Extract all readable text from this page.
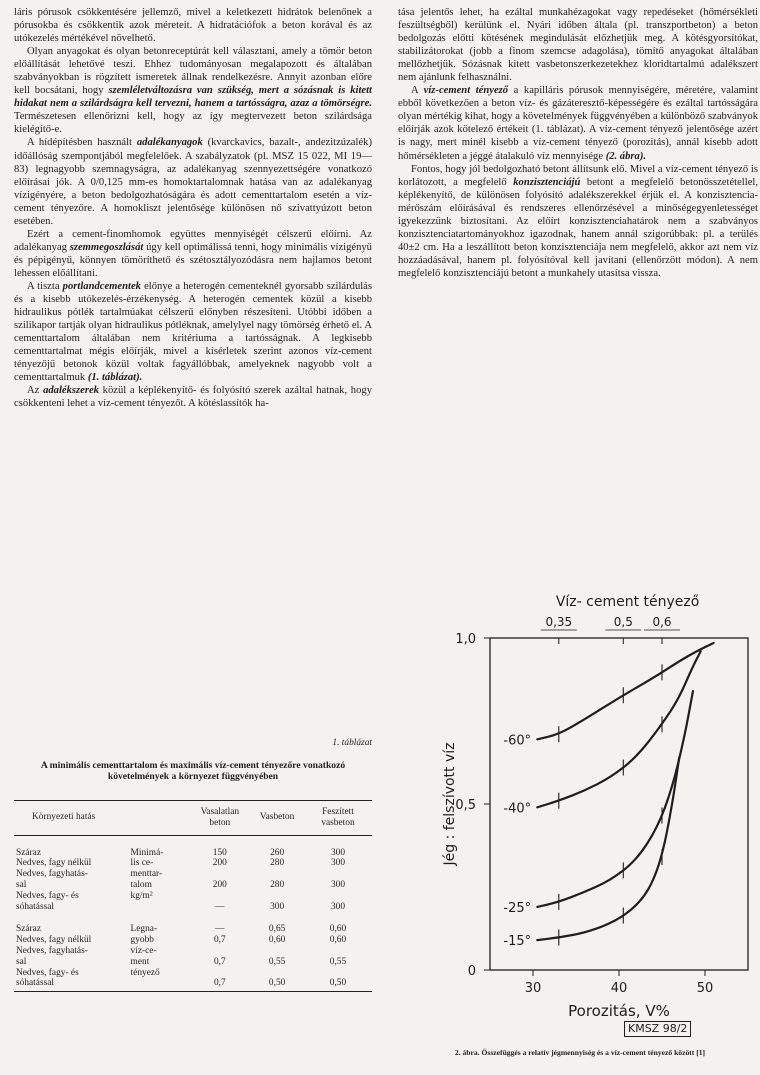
láris pórusok csökkentésére jellemző, mivel a keletkezett hidrátok belenőnek a pórusokba és csökkentik azok méreteit. A hidratációfok a beton korával és az utókezelés mértékével növelhető.

Olyan anyagokat és olyan betonreceptúrát kell választani, amely a tömör beton előállítását lehetővé teszi. Ehhez tudományosan megalapozott és általában szabványokban is rögzített ismeretek állnak rendelkezésre. Annyit azonban előre kell bocsátani, hogy szemléletváltozásra van szükség, mert a sózásnak is kitett hidakat nem a szilárdságra kell tervezni, hanem a tartósságra, azaz a tömörségre. Természetesen ellenőrizni kell, hogy az így megtervezett beton szilárdsága kielégítő-e.

A hídépítésben használt adalékanyagok (kvarckavics, bazalt-, andezitzúzalék) időállóság szempontjából megfelelőek. A szabályzatok (pl. MSZ 15 022, MI 19—83) legnagyobb szemnagyságra, az adalékanyag szennyezettségére vonatkozó előírásai jók. A 0/0,125 mm-es homoktartalomnak hatása van az adalékanyag vízigényére, a beton bedolgozhatóságára és adott cementtartalom esetén a víz-cement tényezőre. A homokliszt jelentősége különösen nő szivattyúzott beton esetében.

Ezért a cement-finomhomok együttes mennyiségét célszerű előírni. Az adalékanyag szemmegoszlását úgy kell optimálissá tenni, hogy minimális vízigényű és pépigényű, könnyen tömöríthető és szétosztályozódásra nem hajlamos betont lehessen előállítani.

A tiszta portlandcementek előnye a heterogén cementeknél gyorsabb szilárdulás és a kisebb utókezelés-érzékenység. A heterogén cementek közül a kisebb hidraulikus pótlék tartalmúakat célszerű előnyben részesíteni. Utóbbi időben a szilikapor tartják olyan hidraulikus pótléknak, amelylyel nagy tömörség érhető el. A cementtartalom általában nem kritériuma a tartósságnak. A legkisebb cementtartalmat mégis előírják, mivel a kísérletek szerint azonos víz-cement tényezőjű betonok közül voltak fagyállóbbak, amelyeknek nagyobb volt a cementtartalmuk (1. táblázat).

Az adalékszerek közül a képlékenyítő- és folyósító szerek azáltal hatnak, hogy csökkenteni lehet a víz-cement tényezőt. A kötéslassítók ha-

tása jelentős lehet, ha ezáltal munkahézagokat vagy repedéseket (hőmérsékleti feszültségből) kerülünk el. Nyári időben általa (pl. transzportbeton) a beton bedolgozás előtti kötésének megindulását előzhetjük meg. A kötésgyorsítókat, stabilizátorokat (jobb a finom szemcse adagolása), tömítő anyagokat általában mellőzhetjük. Sózásnak kitett vasbetonszerkezetekhez kloridtartalmú adalékszert nem ajánlunk felhasználni.

A víz-cement tényező a kapilláris pórusok mennyiségére, méretére, valamint ebből következően a beton víz- és gázáteresztő-képességére és ezáltal tartósságára olyan mértékig kihat, hogy a követelmények függvényében a különböző szabványok előírják azok kötelező értékeit (1. táblázat). A víz-cement tényező jelentősége azért is nagy, mert minél kisebb a víz-cement tényező (porozitás), annál kisebb adott hőmérsékleten a jéggé átalakuló víz mennyisége (2. ábra).

Fontos, hogy jól bedolgozható betont állítsunk elő. Mivel a víz-cement tényező is korlátozott, a megfelelő konzisztenciájú betont a megfelelő betonösszetétellel, képlékenyítő, de különösen folyósító adalékszerekkel érjük el. A konzisztencia-mérőszám előírásával és rendszeres ellenőrzésével a minőségegyenletességet igyekezzünk biztosítani. Az előírt konzisztenciahatárok nem a szabványos konzisztenciatartományokhoz igazodnak, hanem annál szigorúbbak: pl. a terülés 40±2 cm. Ha a leszállított beton konzisztenciája nem megfelelő, akkor azt nem víz hozzáadásával, hanem pl. folyósítóval kell javítani (ellenőrzött módon). A nem megfelelő konzisztenciájú betont a munkahely utasítsa vissza.

1. táblázat
A minimális cementtartalom és maximális víz-cement tényezőre vonatkozó követelmények a környezet függvényében
Környezeti hatás		Vasalatlan beton	Vasbeton	Feszített vasbeton

Száraz	Minimá-	150	260	300
Nedves, fagy nélkül	lis ce-	200	280	300
Nedves, fagyhatás-
sal	menttar-
talom	200	280	300
Nedves, fagy- és
sóhatással	kg/m²	—	300	300

Száraz	Legna-	—	0,65	0,60
Nedves, fagy nélkül	gyobb	0,7	0,60	0,60
Nedves, fagyhatás-
sal	víz-ce-
ment	0,7	0,55	0,55
Nedves, fagy- és
sóhatással	tényező	0,7	0,50	0,50

Víz- cement tényező
0,35	0,5 0,6
0
0,5
1,0
30	40	50
Porozitás, V%
Jég : felszívott víz
-60°
-40°
-25°
-15°
KMSZ 98/2
2. ábra. Összefüggés a relatív jégmennyiség és a víz-cement tényező között [1]
